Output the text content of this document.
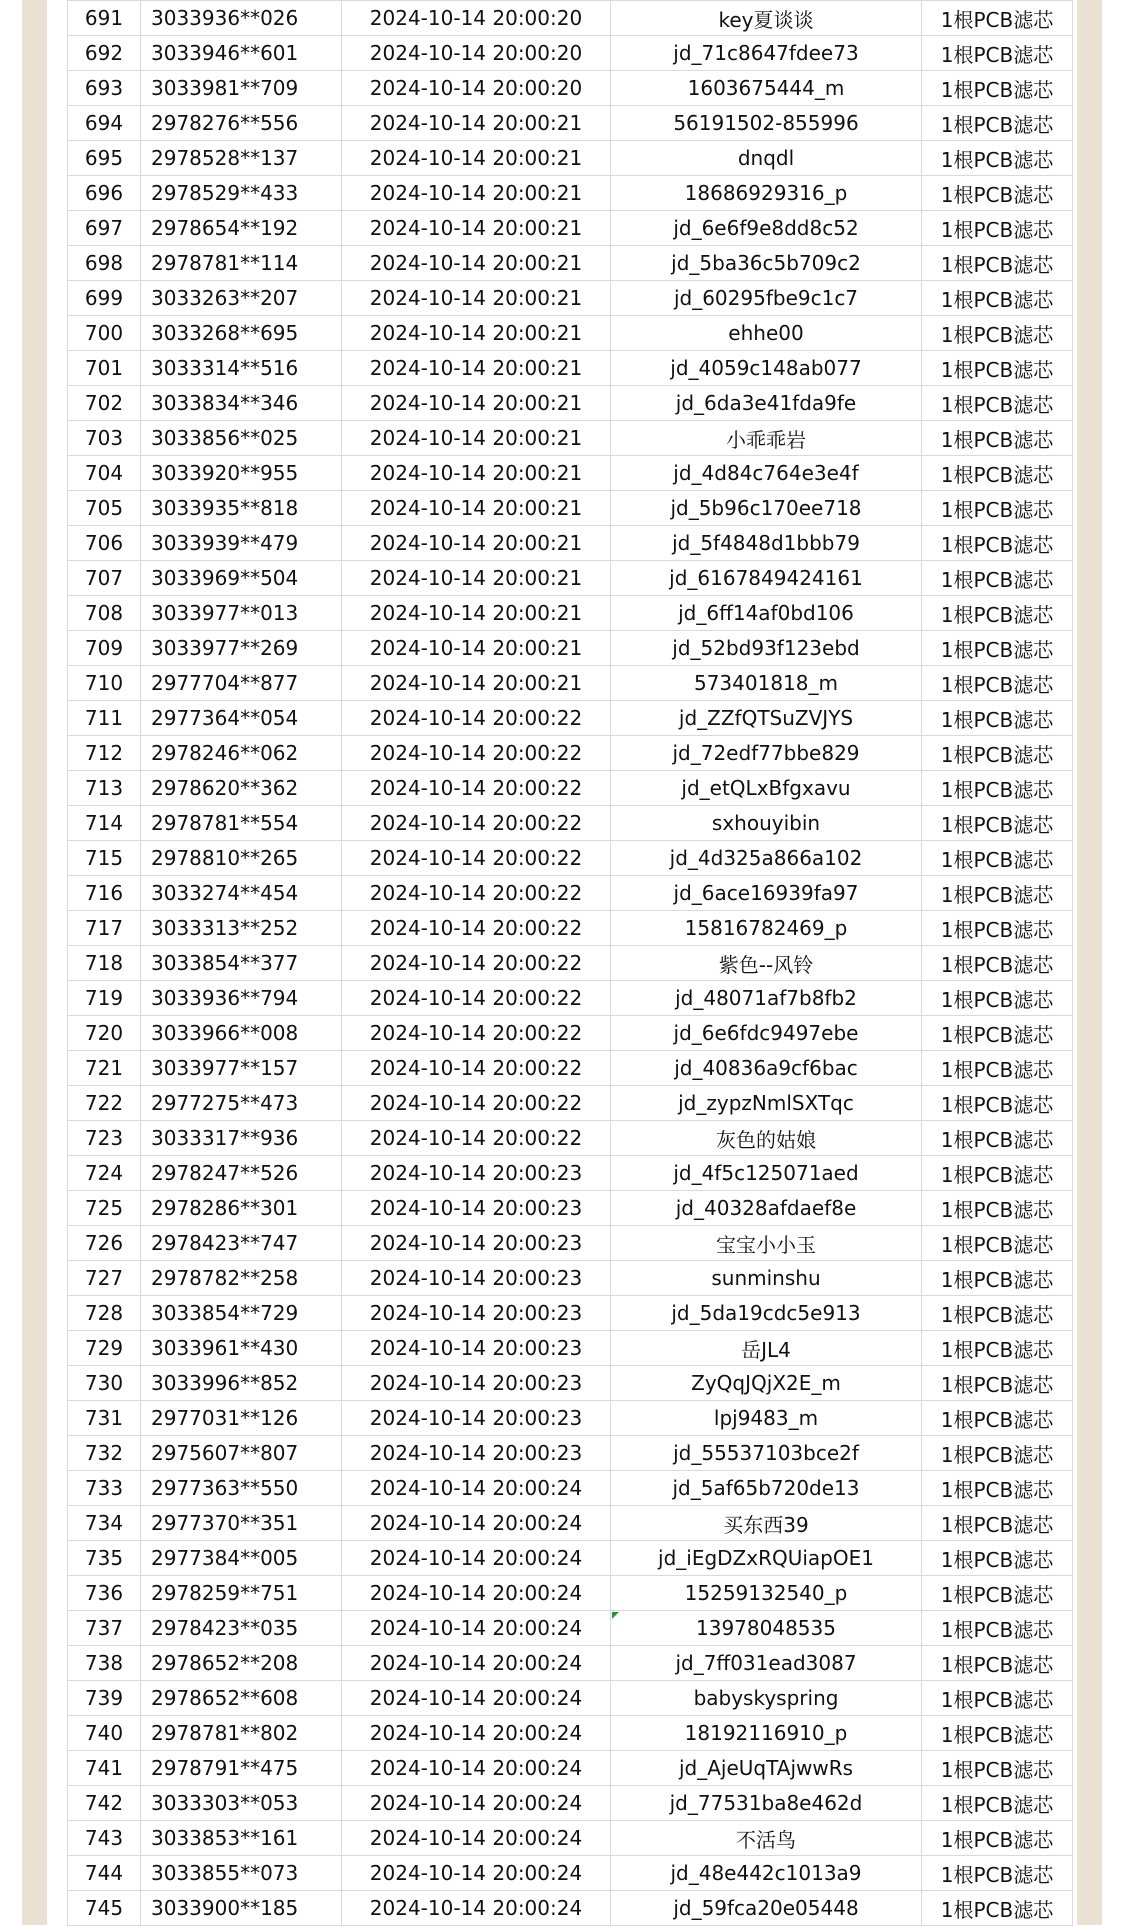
691	3033936**026	2024-10-14 20:00:20	key夏谈谈	1根PCB滤芯
692	3033946**601	2024-10-14 20:00:20	jd_71c8647fdee73	1根PCB滤芯
693	3033981**709	2024-10-14 20:00:20	1603675444_m	1根PCB滤芯
694	2978276**556	2024-10-14 20:00:21	56191502-855996	1根PCB滤芯
695	2978528**137	2024-10-14 20:00:21	dnqdl	1根PCB滤芯
696	2978529**433	2024-10-14 20:00:21	18686929316_p	1根PCB滤芯
697	2978654**192	2024-10-14 20:00:21	jd_6e6f9e8dd8c52	1根PCB滤芯
698	2978781**114	2024-10-14 20:00:21	jd_5ba36c5b709c2	1根PCB滤芯
699	3033263**207	2024-10-14 20:00:21	jd_60295fbe9c1c7	1根PCB滤芯
700	3033268**695	2024-10-14 20:00:21	ehhe00	1根PCB滤芯
701	3033314**516	2024-10-14 20:00:21	jd_4059c148ab077	1根PCB滤芯
702	3033834**346	2024-10-14 20:00:21	jd_6da3e41fda9fe	1根PCB滤芯
703	3033856**025	2024-10-14 20:00:21	小乖乖岩	1根PCB滤芯
704	3033920**955	2024-10-14 20:00:21	jd_4d84c764e3e4f	1根PCB滤芯
705	3033935**818	2024-10-14 20:00:21	jd_5b96c170ee718	1根PCB滤芯
706	3033939**479	2024-10-14 20:00:21	jd_5f4848d1bbb79	1根PCB滤芯
707	3033969**504	2024-10-14 20:00:21	jd_6167849424161	1根PCB滤芯
708	3033977**013	2024-10-14 20:00:21	jd_6ff14af0bd106	1根PCB滤芯
709	3033977**269	2024-10-14 20:00:21	jd_52bd93f123ebd	1根PCB滤芯
710	2977704**877	2024-10-14 20:00:21	573401818_m	1根PCB滤芯
711	2977364**054	2024-10-14 20:00:22	jd_ZZfQTSuZVJYS	1根PCB滤芯
712	2978246**062	2024-10-14 20:00:22	jd_72edf77bbe829	1根PCB滤芯
713	2978620**362	2024-10-14 20:00:22	jd_etQLxBfgxavu	1根PCB滤芯
714	2978781**554	2024-10-14 20:00:22	sxhouyibin	1根PCB滤芯
715	2978810**265	2024-10-14 20:00:22	jd_4d325a866a102	1根PCB滤芯
716	3033274**454	2024-10-14 20:00:22	jd_6ace16939fa97	1根PCB滤芯
717	3033313**252	2024-10-14 20:00:22	15816782469_p	1根PCB滤芯
718	3033854**377	2024-10-14 20:00:22	紫色--风铃	1根PCB滤芯
719	3033936**794	2024-10-14 20:00:22	jd_48071af7b8fb2	1根PCB滤芯
720	3033966**008	2024-10-14 20:00:22	jd_6e6fdc9497ebe	1根PCB滤芯
721	3033977**157	2024-10-14 20:00:22	jd_40836a9cf6bac	1根PCB滤芯
722	2977275**473	2024-10-14 20:00:22	jd_zypzNmlSXTqc	1根PCB滤芯
723	3033317**936	2024-10-14 20:00:22	灰色的姑娘	1根PCB滤芯
724	2978247**526	2024-10-14 20:00:23	jd_4f5c125071aed	1根PCB滤芯
725	2978286**301	2024-10-14 20:00:23	jd_40328afdaef8e	1根PCB滤芯
726	2978423**747	2024-10-14 20:00:23	宝宝小小玉	1根PCB滤芯
727	2978782**258	2024-10-14 20:00:23	sunminshu	1根PCB滤芯
728	3033854**729	2024-10-14 20:00:23	jd_5da19cdc5e913	1根PCB滤芯
729	3033961**430	2024-10-14 20:00:23	岳JL4	1根PCB滤芯
730	3033996**852	2024-10-14 20:00:23	ZyQqJQjX2E_m	1根PCB滤芯
731	2977031**126	2024-10-14 20:00:23	lpj9483_m	1根PCB滤芯
732	2975607**807	2024-10-14 20:00:23	jd_55537103bce2f	1根PCB滤芯
733	2977363**550	2024-10-14 20:00:24	jd_5af65b720de13	1根PCB滤芯
734	2977370**351	2024-10-14 20:00:24	买东西39	1根PCB滤芯
735	2977384**005	2024-10-14 20:00:24	jd_iEgDZxRQUiapOE1	1根PCB滤芯
736	2978259**751	2024-10-14 20:00:24	15259132540_p	1根PCB滤芯
737	2978423**035	2024-10-14 20:00:24	13978048535	1根PCB滤芯
738	2978652**208	2024-10-14 20:00:24	jd_7ff031ead3087	1根PCB滤芯
739	2978652**608	2024-10-14 20:00:24	babyskyspring	1根PCB滤芯
740	2978781**802	2024-10-14 20:00:24	18192116910_p	1根PCB滤芯
741	2978791**475	2024-10-14 20:00:24	jd_AjeUqTAjwwRs	1根PCB滤芯
742	3033303**053	2024-10-14 20:00:24	jd_77531ba8e462d	1根PCB滤芯
743	3033853**161	2024-10-14 20:00:24	不活鸟	1根PCB滤芯
744	3033855**073	2024-10-14 20:00:24	jd_48e442c1013a9	1根PCB滤芯
745	3033900**185	2024-10-14 20:00:24	jd_59fca20e05448	1根PCB滤芯
